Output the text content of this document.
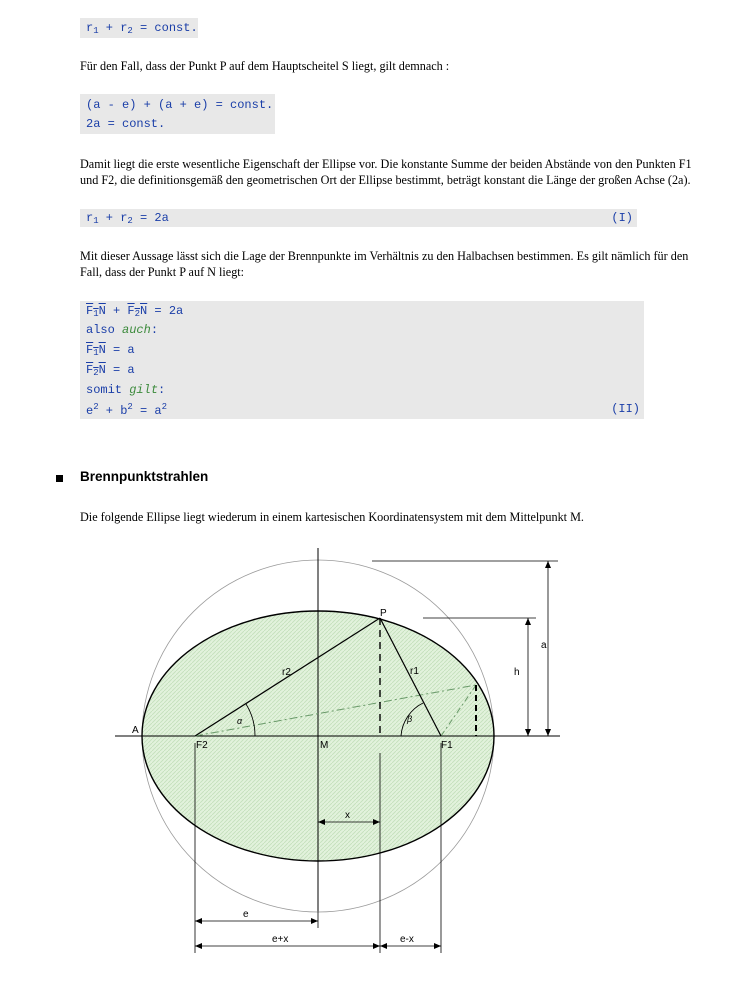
$r_1 + r_2$ = const.
Für den Fall, dass der Punkt P auf dem Hauptscheitel S liegt, gilt demnach :
(a - e) + (a + e) = const.
2a = const.
Damit liegt die erste wesentliche Eigenschaft der Ellipse vor. Die konstante Summe der beiden Abstände von den Punkten F1 und F2, die definitionsgemäß den geometrischen Ort der Ellipse bestimmt, beträgt konstant die Länge der großen Achse (2a).
$r_1 + r_2 = 2a$	(I)
Mit dieser Aussage lässt sich die Lage der Brennpunkte im Verhältnis zu den Halbachsen bestimmen. Es gilt nämlich für den Fall, dass der Punkt P auf N liegt:
$F_1N + F_2N = 2a$
also auch:
$F_1N = a$
$F_2N = a$
somit gilt:
$e^2 + b^2 = a^2$	(II)
Brennpunktstrahlen
Die folgende Ellipse liegt wiederum in einem kartesischen Koordinatensystem mit dem Mittelpunkt M.
A
F2	M	F1
P
r2	r1
a
h
x
e
e+x	e-x
α	β
